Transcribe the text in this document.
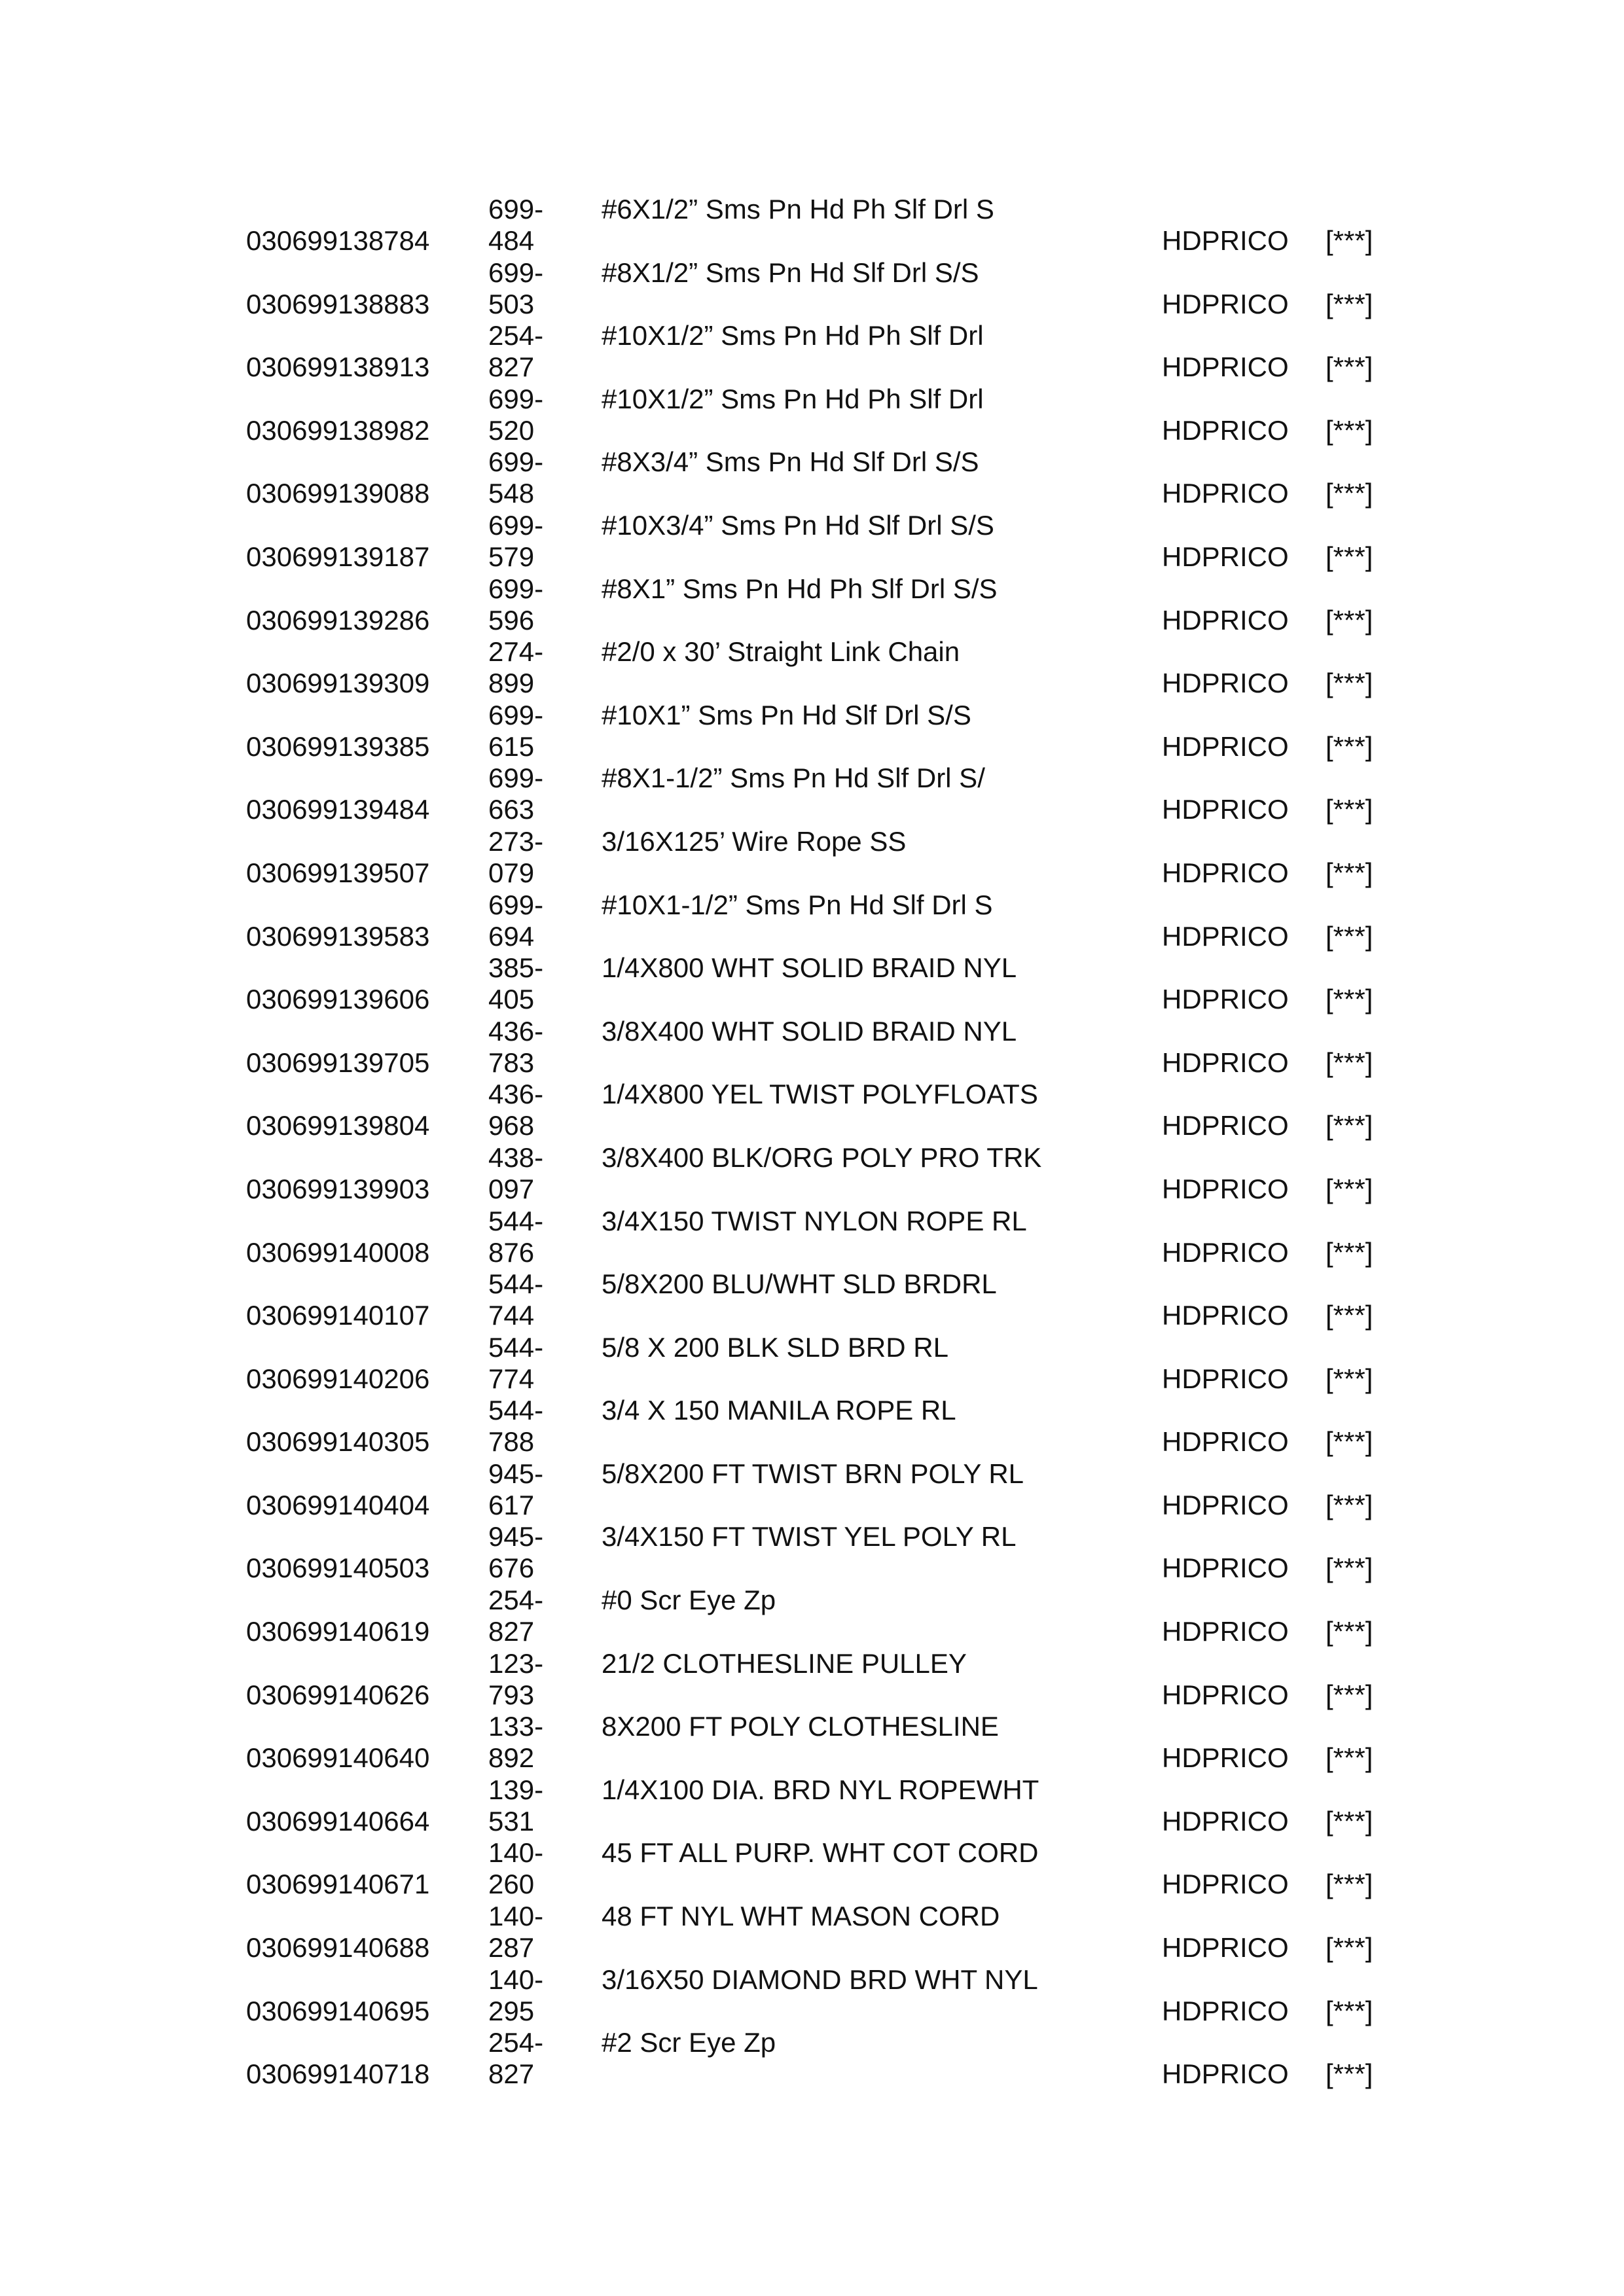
030699138784
699-
484
#6X1/2” Sms Pn Hd Ph Slf Drl S
HDPRICO [***]
030699138883
699-
503
#8X1/2” Sms Pn Hd Slf Drl S/S
HDPRICO [***]
030699138913
254-
827
#10X1/2” Sms Pn Hd Ph Slf Drl
HDPRICO [***]
030699138982
699-
520
#10X1/2” Sms Pn Hd Ph Slf Drl
HDPRICO [***]
030699139088
699-
548
#8X3/4” Sms Pn Hd Slf Drl S/S
HDPRICO [***]
030699139187
699-
579
#10X3/4” Sms Pn Hd Slf Drl S/S
HDPRICO [***]
030699139286
699-
596
#8X1” Sms Pn Hd Ph Slf Drl S/S
HDPRICO [***]
030699139309
274-
899
#2/0 x 30’ Straight Link Chain
HDPRICO [***]
030699139385
699-
615
#10X1” Sms Pn Hd Slf Drl S/S
HDPRICO [***]
030699139484
699-
663
#8X1-1/2” Sms Pn Hd Slf Drl S/
HDPRICO [***]
030699139507
273-
079
3/16X125’ Wire Rope SS
HDPRICO [***]
030699139583
699-
694
#10X1-1/2” Sms Pn Hd Slf Drl S
HDPRICO [***]
030699139606
385-
405
1/4X800 WHT SOLID BRAID NYL
HDPRICO [***]
030699139705
436-
783
3/8X400 WHT SOLID BRAID NYL
HDPRICO [***]
030699139804
436-
968
1/4X800 YEL TWIST POLYFLOATS
HDPRICO [***]
030699139903
438-
097
3/8X400 BLK/ORG POLY PRO TRK
HDPRICO [***]
030699140008
544-
876
3/4X150 TWIST NYLON ROPE RL
HDPRICO [***]
030699140107
544-
744
5/8X200 BLU/WHT SLD BRDRL
HDPRICO [***]
030699140206
544-
774
5/8 X 200 BLK SLD BRD RL
HDPRICO [***]
030699140305
544-
788
3/4 X 150 MANILA ROPE RL
HDPRICO [***]
030699140404
945-
617
5/8X200 FT TWIST BRN POLY RL
HDPRICO [***]
030699140503
945-
676
3/4X150 FT TWIST YEL POLY RL
HDPRICO [***]
030699140619
254-
827
#0 Scr Eye Zp
HDPRICO [***]
030699140626
123-
793
21/2 CLOTHESLINE PULLEY
HDPRICO [***]
030699140640
133-
892
8X200 FT POLY CLOTHESLINE
HDPRICO [***]
030699140664
139-
531
1/4X100 DIA. BRD NYL ROPEWHT
HDPRICO [***]
030699140671
140-
260
45 FT ALL PURP. WHT COT CORD
HDPRICO [***]
030699140688
140-
287
48 FT NYL WHT MASON CORD
HDPRICO [***]
030699140695
140-
295
3/16X50 DIAMOND BRD WHT NYL
HDPRICO [***]
030699140718
254-
827
#2 Scr Eye Zp
HDPRICO [***]
